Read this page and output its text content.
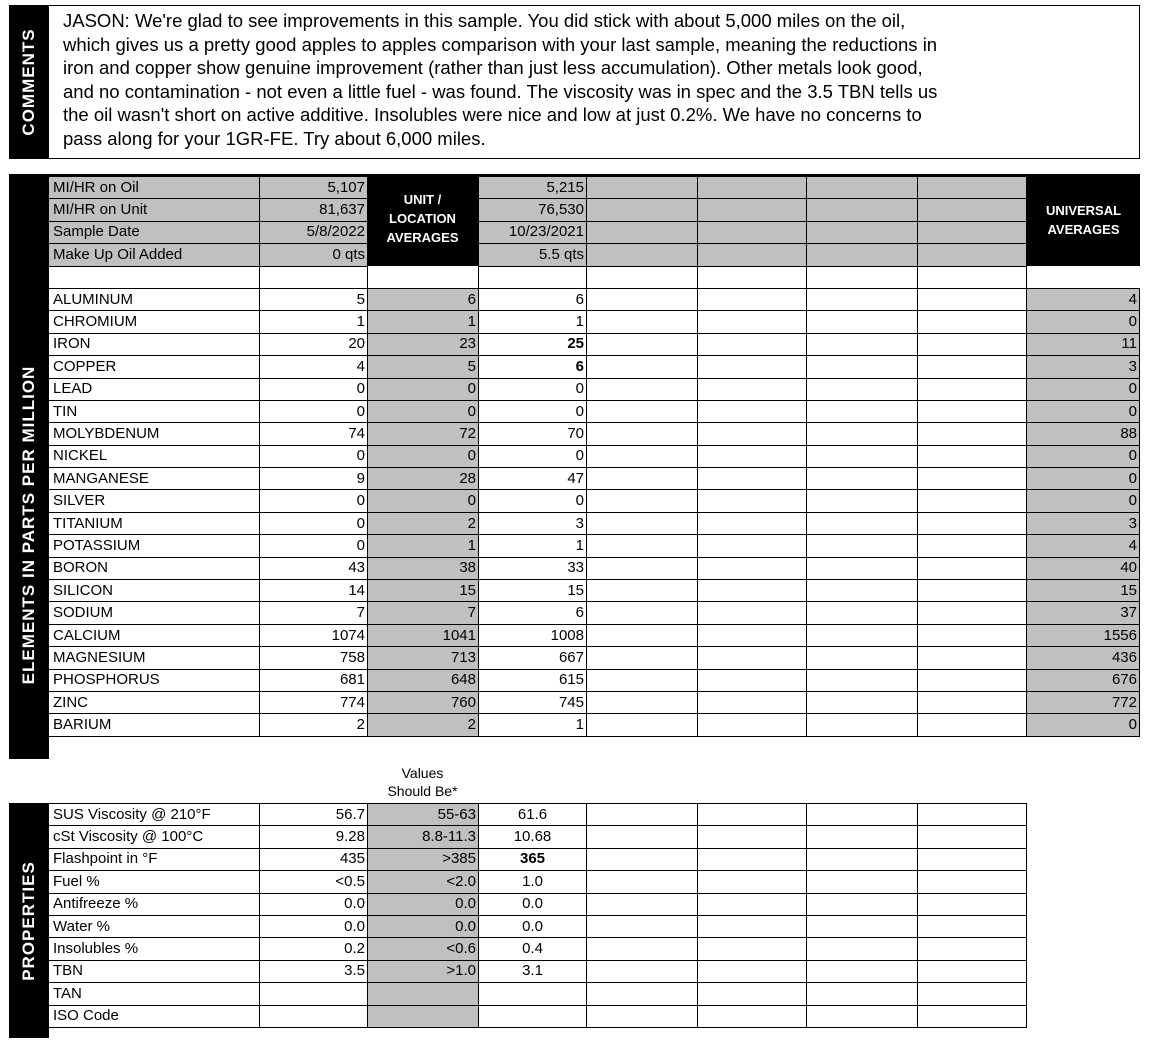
COMMENTS
JASON: We're glad to see improvements in this sample. You did stick with about 5,000 miles on the oil,
which gives us a pretty good apples to apples comparison with your last sample, meaning the reductions in
iron and copper show genuine improvement (rather than just less accumulation). Other metals look good,
and no contamination - not even a little fuel - was found. The viscosity was in spec and the 3.5 TBN tells us
the oil wasn't short on active additive. Insolubles were nice and low at just 0.2%. We have no concerns to
pass along for your 1GR-FE. Try about 6,000 miles.
ELEMENTS IN PARTS PER MILLION
UNIT /
LOCATION
AVERAGES
UNIVERSAL
AVERAGES
MI/HR on Oil	5,107		5,215					
MI/HR on Unit	81,637		76,530					
Sample Date	5/8/2022		10/23/2021					
Make Up Oil Added	0 qts		5.5 qts					

ALUMINUM	5	6	6					4
CHROMIUM	1	1	1					0
IRON	20	23	25					11
COPPER	4	5	6					3
LEAD	0	0	0					0
TIN	0	0	0					0
MOLYBDENUM	74	72	70					88
NICKEL	0	0	0					0
MANGANESE	9	28	47					0
SILVER	0	0	0					0
TITANIUM	0	2	3					3
POTASSIUM	0	1	1					4
BORON	43	38	33					40
SILICON	14	15	15					15
SODIUM	7	7	6					37
CALCIUM	1074	1041	1008					1556
MAGNESIUM	758	713	667					436
PHOSPHORUS	681	648	615					676
ZINC	774	760	745					772
BARIUM	2	2	1					0
Values
Should Be*
PROPERTIES
SUS Viscosity @ 210°F	56.7	55-63	61.6				
cSt Viscosity @ 100°C	9.28	8.8-11.3	10.68				
Flashpoint in °F	435	>385	365				
Fuel %	<0.5	<2.0	1.0				
Antifreeze %	0.0	0.0	0.0				
Water %	0.0	0.0	0.0				
Insolubles %	0.2	<0.6	0.4				
TBN	3.5	>1.0	3.1				
TAN							
ISO Code							
